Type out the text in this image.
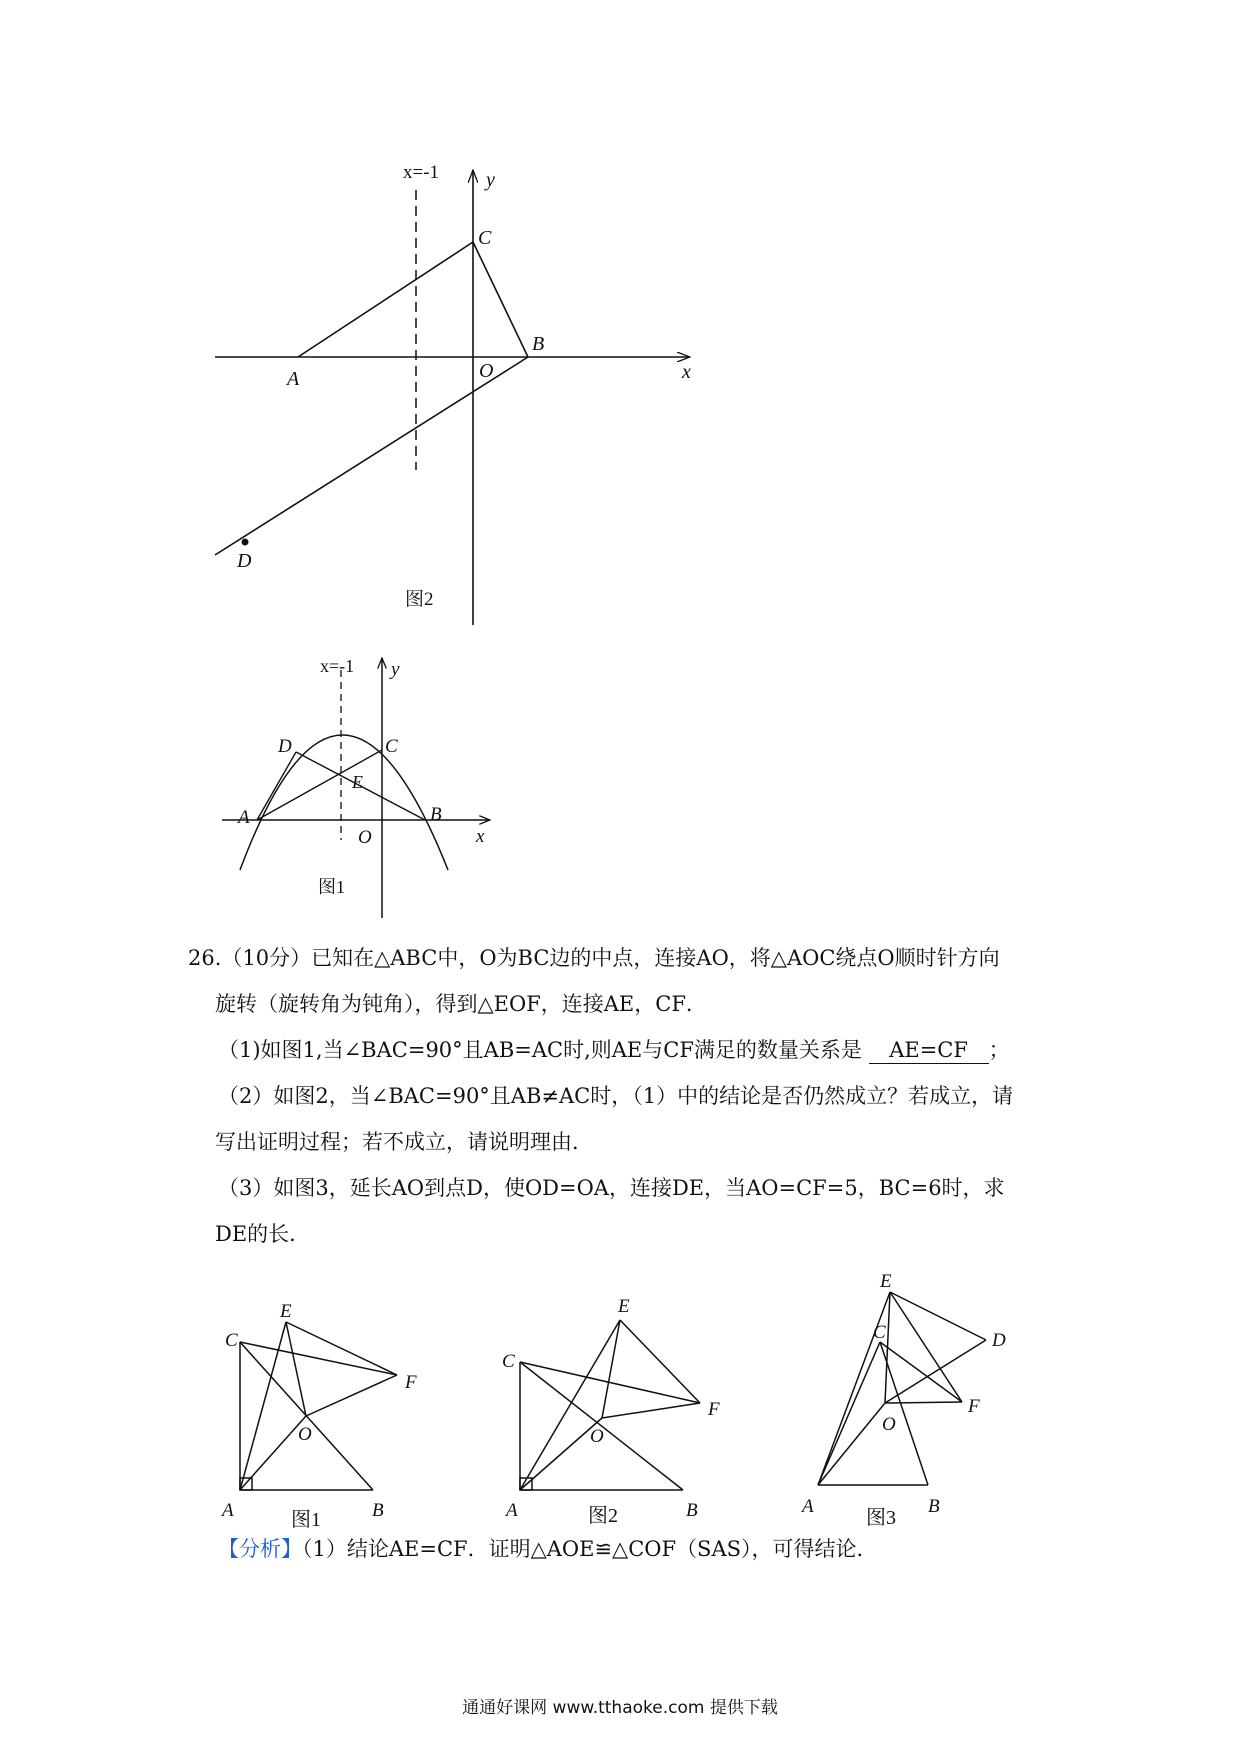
x=-1 y
x
C
B
A	O
D
图2
x=-1 y
x
D	C
E
A	B
O
图1

26.（10分）已知在△ABC中，O为BC边的中点，连接AO，将△AOC绕点O顺时针方向

旋转（旋转角为钝角），得到△EOF，连接AE，CF．

（1)如图1,当∠BAC=90°且AB=AC时,则AE与CF满足的数量关系是 AE=CF ；

（2）如图2，当∠BAC=90°且AB≠AC时，（1）中的结论是否仍然成立？若成立，请

写出证明过程；若不成立，请说明理由．

（3）如图3，延长AO到点D，使OD=OA，连接DE，当AO=CF=5，BC=6时，求

DE的长．

C
E
F
O
A	B
图1
C
E
F
O
A	B
图2
E
C	D
F
O
A	B
图3
【分析】（1）结论AE=CF．证明△AOE≌△COF（SAS），可得结论．
通通好课网 www.tthaoke.com 提供下载
